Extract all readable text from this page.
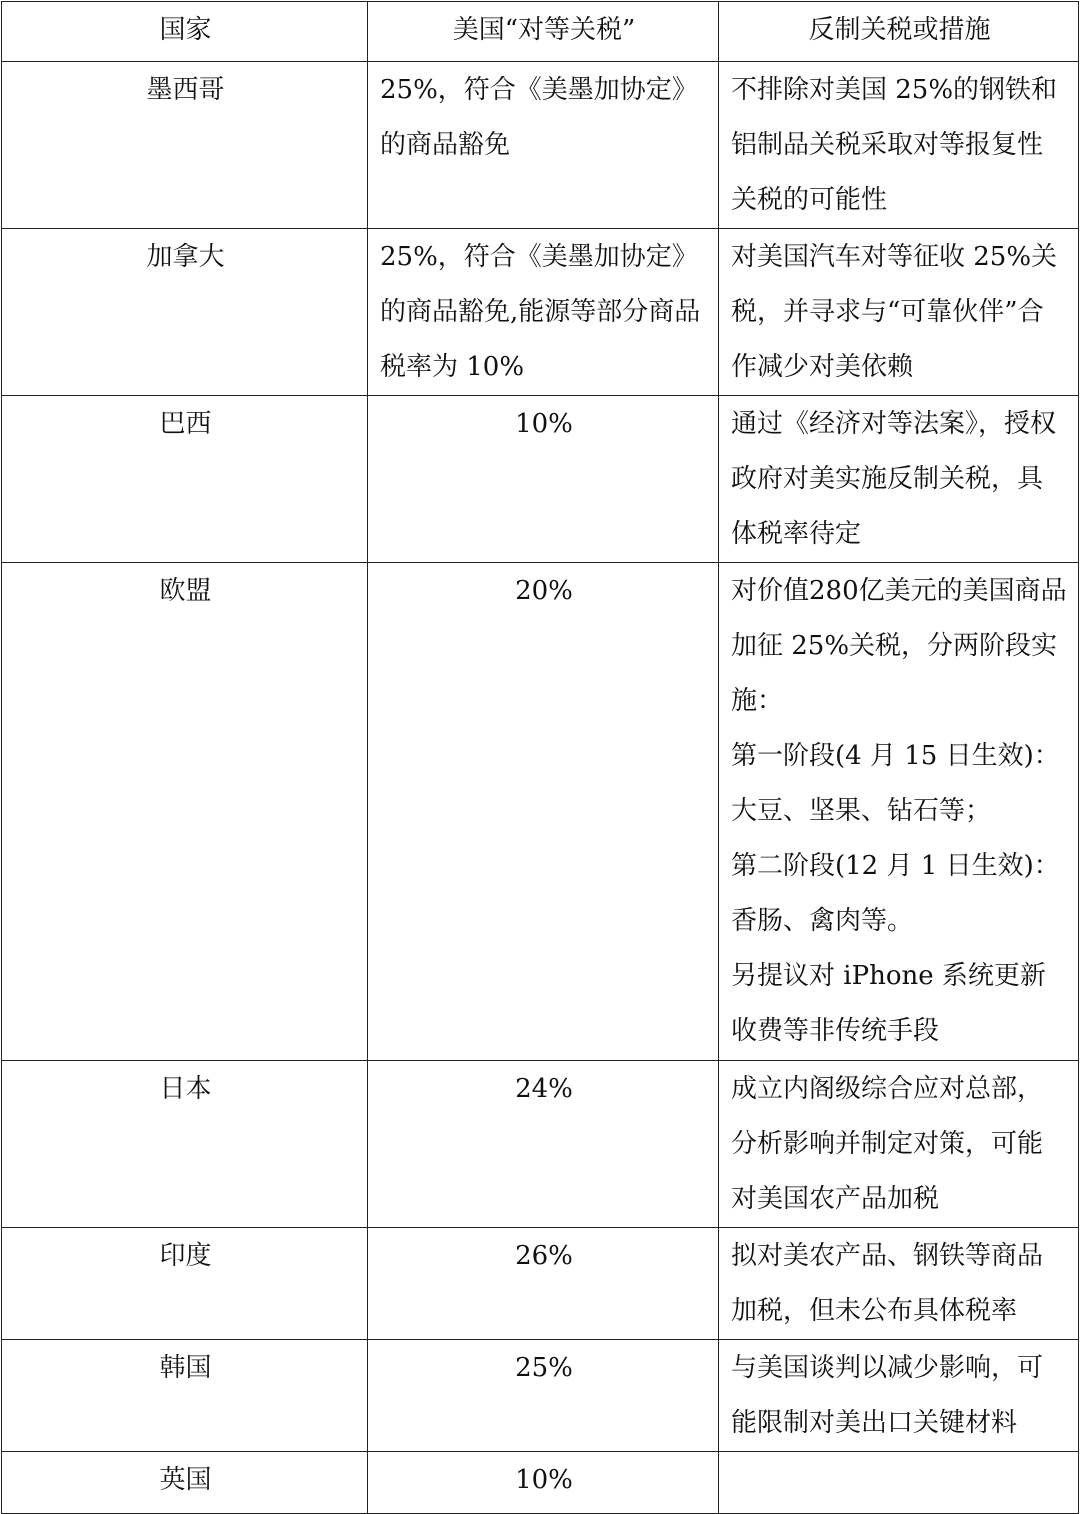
国家	美国“对等关税”	反制关税或措施

墨西哥	25%，符合《美墨加协定》的商品豁免	不排除对美国 25%的钢铁和铝制品关税采取对等报复性关税的可能性

加拿大	25%，符合《美墨加协定》的商品豁免,能源等部分商品税率为 10%	对美国汽车对等征收 25%关税，并寻求与“可靠伙伴”合作减少对美依赖

巴西	10%	通过《经济对等法案》，授权政府对美实施反制关税，具体税率待定

欧盟	20%	对价值280亿美元的美国商品加征 25%关税，分两阶段实施：
第一阶段(4 月 15 日生效)：大豆、坚果、钻石等；
第二阶段(12 月 1 日生效)：香肠、禽肉等。
另提议对 iPhone 系统更新收费等非传统手段

日本	24%	成立内阁级综合应对总部，分析影响并制定对策，可能对美国农产品加税

印度	26%	拟对美农产品、钢铁等商品加税，但未公布具体税率

韩国	25%	与美国谈判以减少影响，可能限制对美出口关键材料

英国	10%	
